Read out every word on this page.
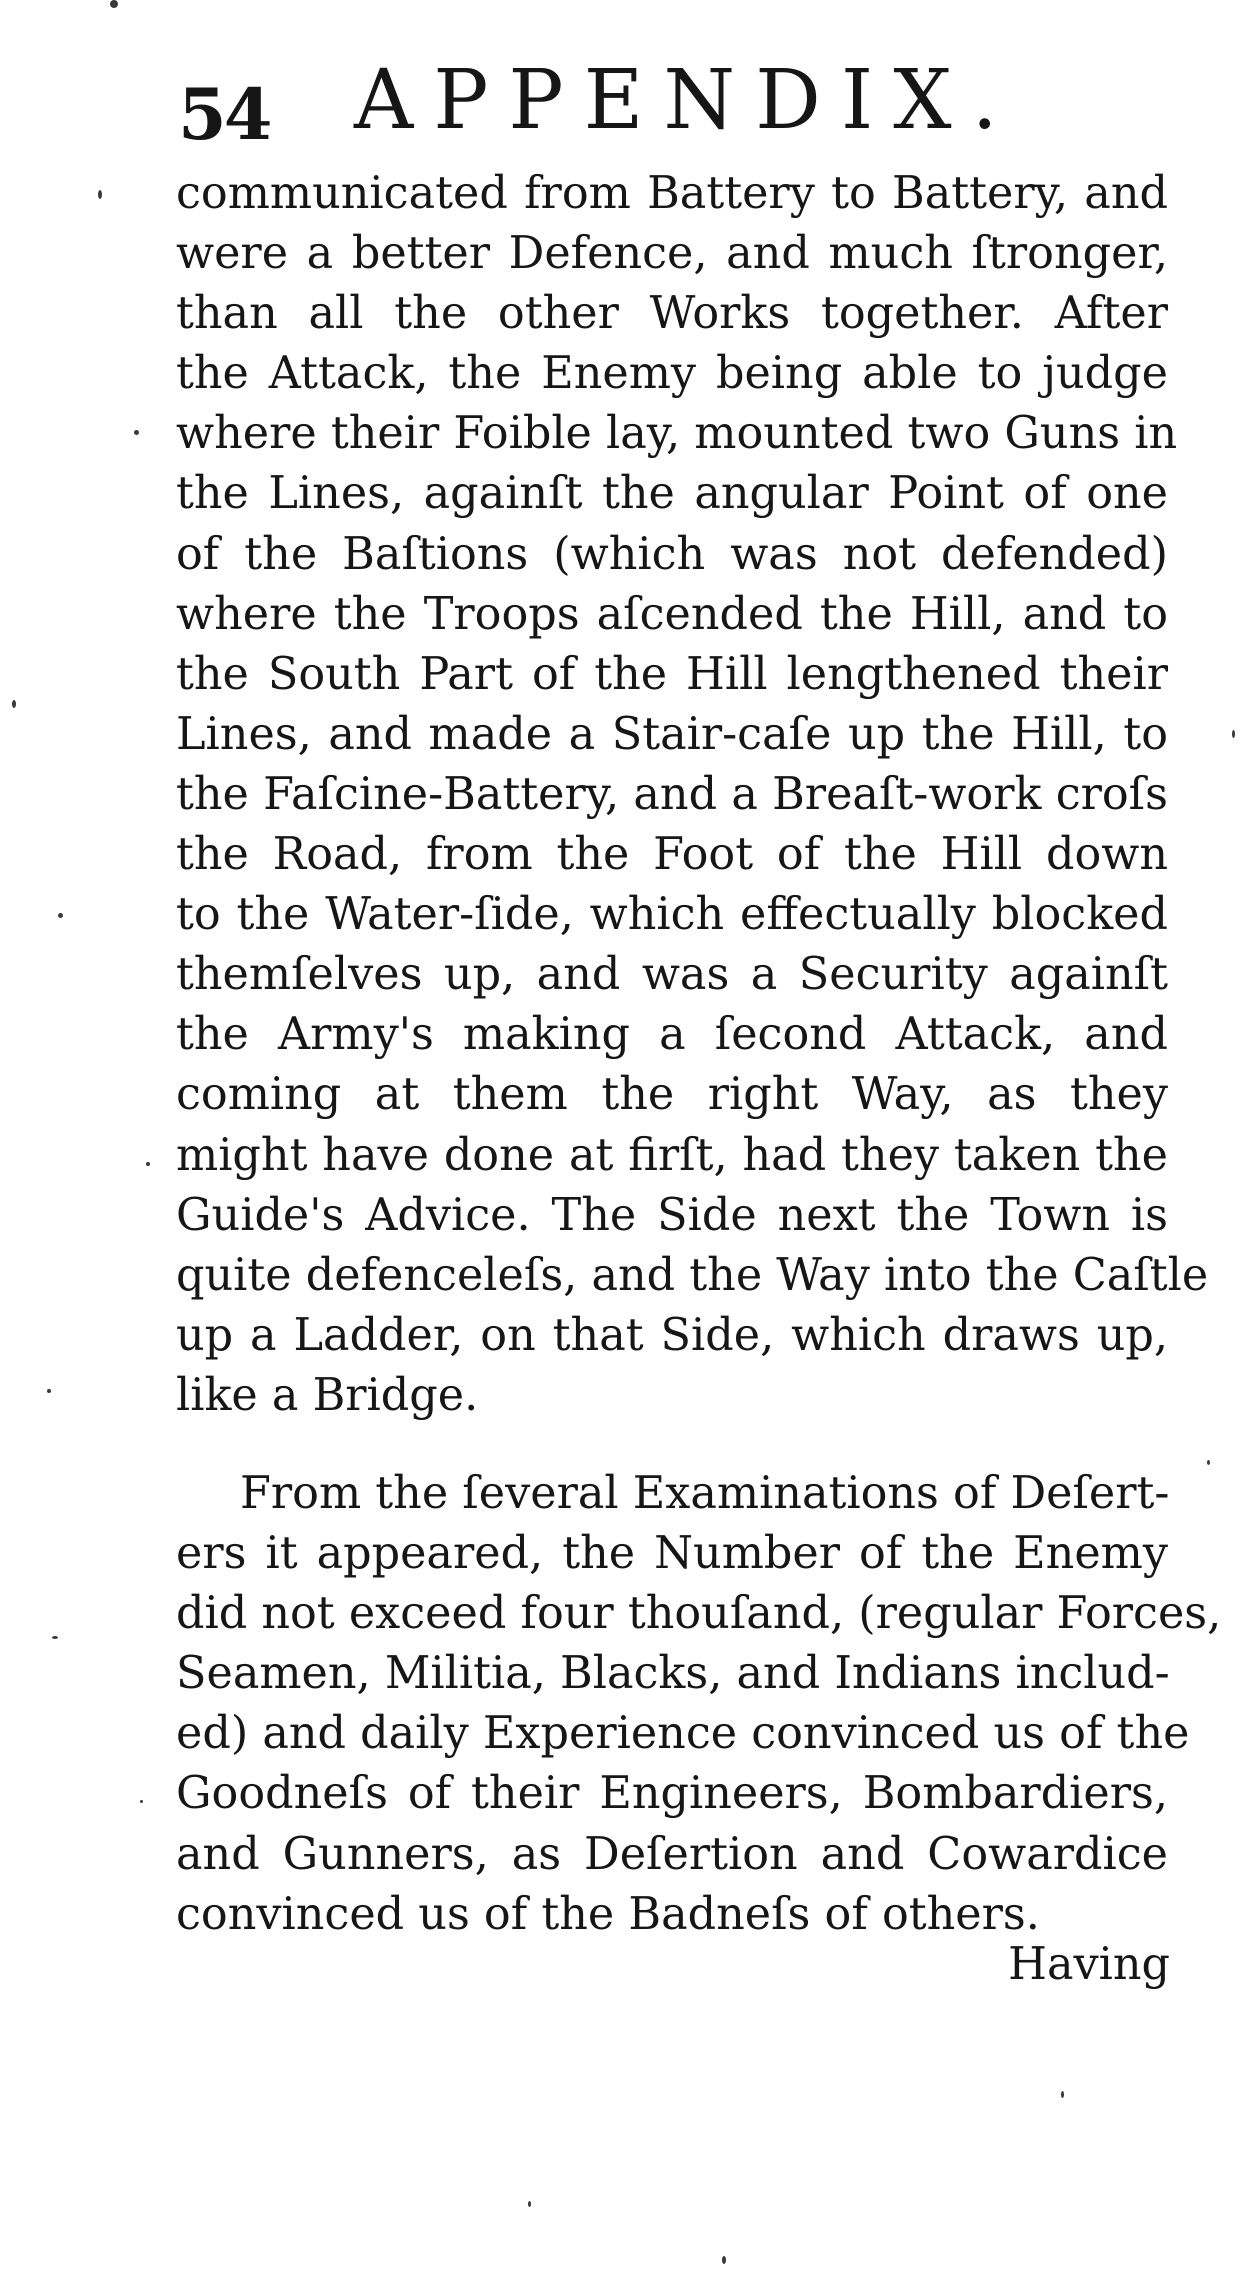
54 APPENDIX.
communicated from Battery to Battery, and
were a better Defence, and much ſtronger,
than all the other Works together. After
the Attack, the Enemy being able to judge
where their Foible lay, mounted two Guns in
the Lines, againſt the angular Point of one
of the Baſtions (which was not defended)
where the Troops aſcended the Hill, and to
the South Part of the Hill lengthened their
Lines, and made a Stair-caſe up the Hill, to
the Faſcine-Battery, and a Breaſt-work croſs
the Road, from the Foot of the Hill down
to the Water-ſide, which effectually blocked
themſelves up, and was a Security againſt
the Army's making a ſecond Attack, and
coming at them the right Way, as they
might have done at firſt, had they taken the
Guide's Advice. The Side next the Town is
quite defenceleſs, and the Way into the Caſtle
up a Ladder, on that Side, which draws up,
like a Bridge.
From the ſeveral Examinations of Deſert-
ers it appeared, the Number of the Enemy
did not exceed four thouſand, (regular Forces,
Seamen, Militia, Blacks, and Indians includ-
ed) and daily Experience convinced us of the
Goodneſs of their Engineers, Bombardiers,
and Gunners, as Deſertion and Cowardice
convinced us of the Badneſs of others.
Having
